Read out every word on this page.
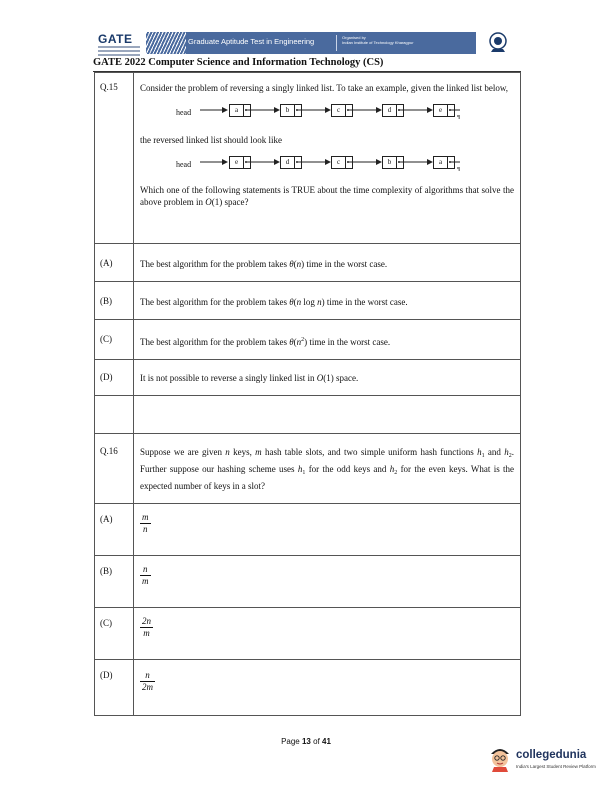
GATE	Graduate Aptitude Test in Engineering	Organised by
Indian Institute of Technology Kharagpur
GATE 2022 Computer Science and Information Technology (CS)
Q.15	Consider the problem of reversing a singly linked list. To take an example, given the linked list below,

head	a	b	c	d	e

the reversed linked list should look like

head	e	d	c	b	a

Which one of the following statements is TRUE about the time complexity of algorithms that solve the above problem in O(1) space?

(A)	The best algorithm for the problem takes θ(n) time in the worst case.
(B)	The best algorithm for the problem takes θ(n log n) time in the worst case.
(C)	The best algorithm for the problem takes $\theta(n^2)$ time in the worst case.
(D)	It is not possible to reverse a singly linked list in O(1) space.
Q.16	Suppose we are given n keys, m hash table slots, and two simple uniform hash functions $h_1$ and $h_2$. Further suppose our hashing scheme uses $h_1$ for the odd keys and $h_2$ for the even keys. What is the expected number of keys in a slot?

(A)	$\frac{m}{n}$
(B)	$\frac{n}{m}$
(C)	$\frac{2n}{m}$
(D)	$\frac{n}{2m}$
Page 13 of 41
collegedunia
India's Largest Student Review Platform
